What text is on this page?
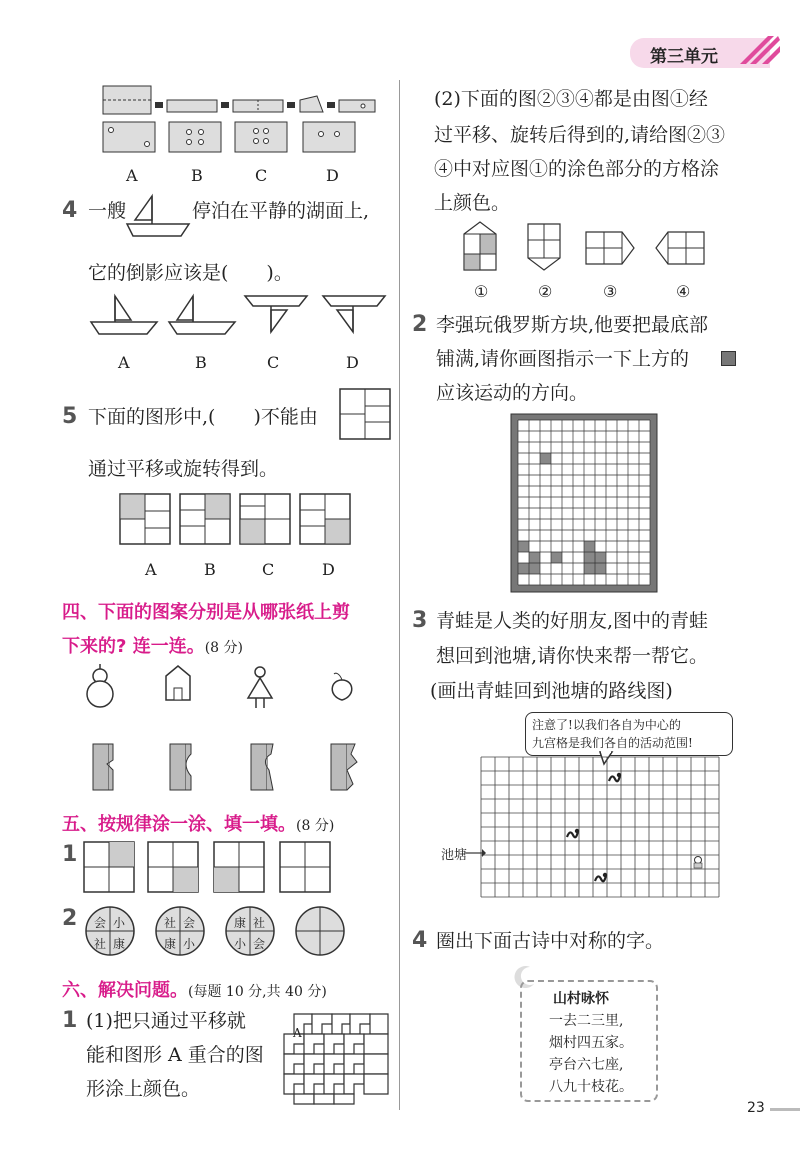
第三单元
A	B	C	D
4 一艘	停泊在平静的湖面上,
它的倒影应该是(　　)。
A	B	C	D
5 下面的图形中,(　　)不能由
通过平移或旋转得到。
A	B	C	D
四、下面的图案分别是从哪张纸上剪
下来的? 连一连。(8 分)
五、按规律涂一涂、填一填。(8 分)
1
2 会 小
社 康
社 会
康 小
康 社
小 会
六、解决问题。(每题 10 分,共 40 分)
1 (1)把只通过平移就
能和图形 A 重合的图
形涂上颜色。
A
(2)下面的图②③④都是由图①经
过平移、旋转后得到的,请给图②③
④中对应图①的涂色部分的方格涂
上颜色。
①	②	③	④
2 李强玩俄罗斯方块,他要把最底部
铺满,请你画图指示一下上方的
应该运动的方向。
3 青蛙是人类的好朋友,图中的青蛙
想回到池塘,请你快来帮一帮它。
(画出青蛙回到池塘的路线图)
注意了!以我们各自为中心的
九宫格是我们各自的活动范围!
池塘
4 圈出下面古诗中对称的字。
山村咏怀
一去二三里,
烟村四五家。
亭台六七座,
八九十枝花。
23
